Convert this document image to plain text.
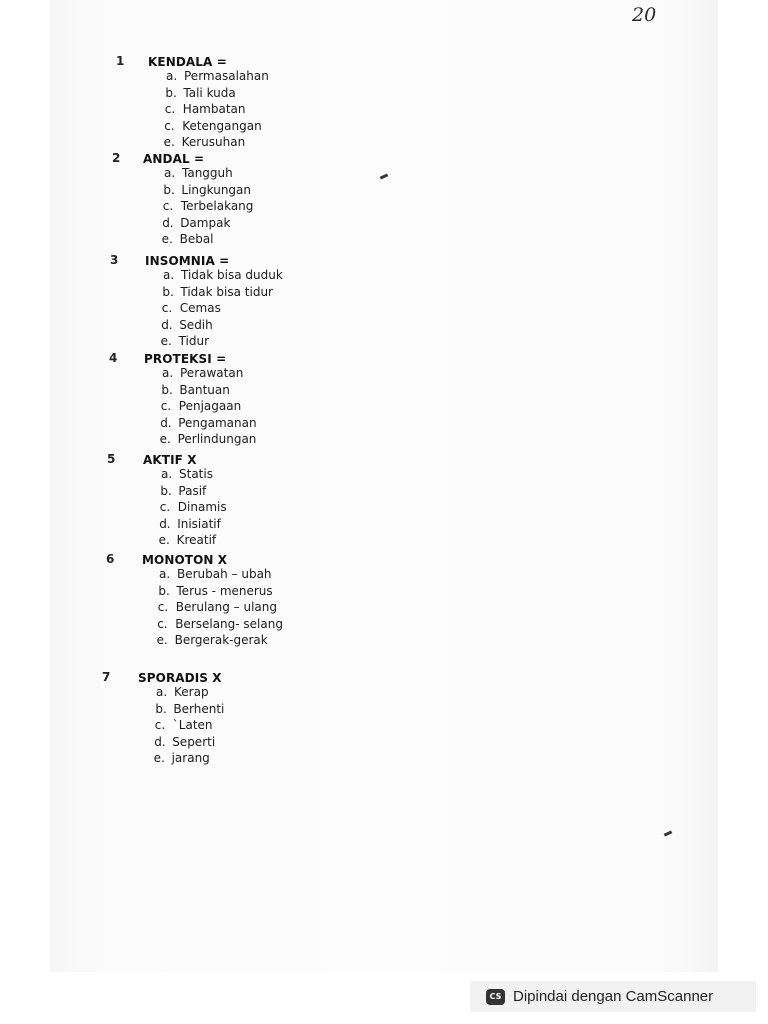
20
1 KENDALA =
a. Permasalahan
b. Tali kuda
c. Hambatan
c. Ketengangan
e. Kerusuhan
2 ANDAL =
a. Tangguh
b. Lingkungan
c. Terbelakang
d. Dampak
e. Bebal
3 INSOMNIA =
a. Tidak bisa duduk
b. Tidak bisa tidur
c. Cemas
d. Sedih
e. Tidur
4 PROTEKSI =
a. Perawatan
b. Bantuan
c. Penjagaan
d. Pengamanan
e. Perlindungan
5 AKTIF X
a. Statis
b. Pasif
c. Dinamis
d. Inisiatif
e. Kreatif
6 MONOTON X
a. Berubah – ubah
b. Terus - menerus
c. Berulang – ulang
c. Berselang- selang
e. Bergerak-gerak
7 SPORADIS X
a. Kerap
b. Berhenti
c. `Laten
d. Seperti
e. jarang
CS Dipindai dengan CamScanner
